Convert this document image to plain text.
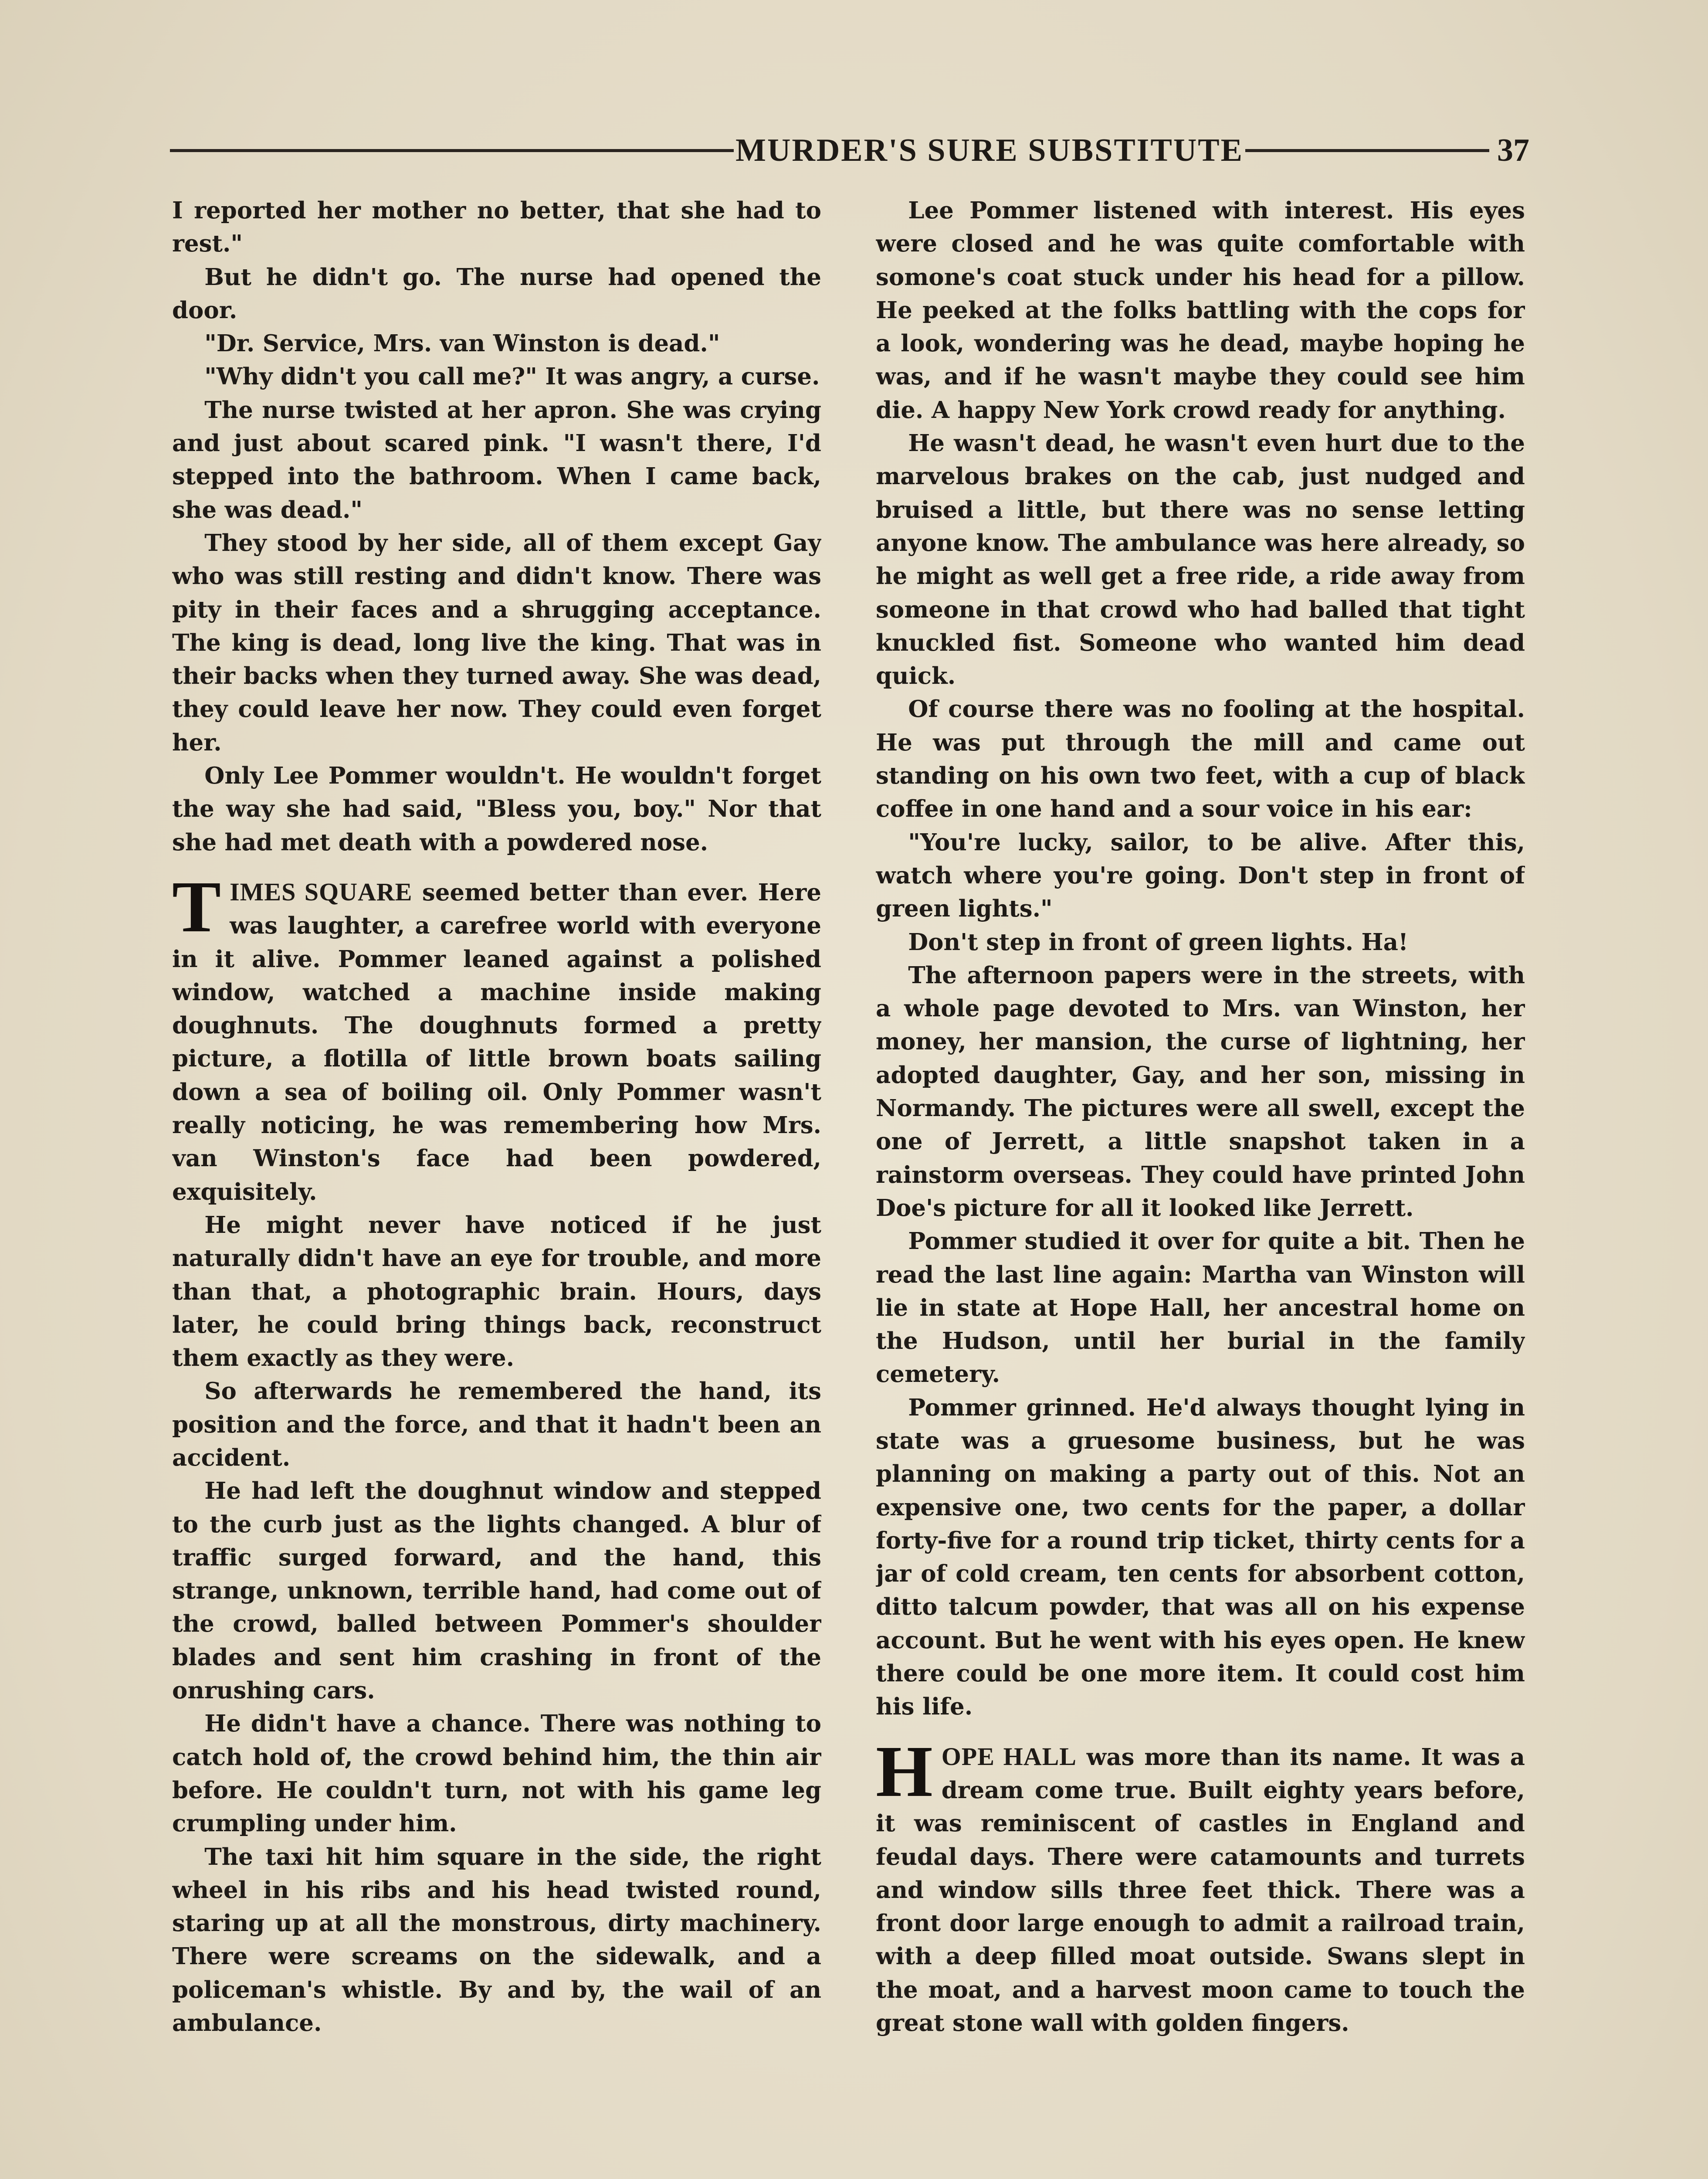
MURDER'S SURE SUBSTITUTE	37

I reported her mother no better, that she had to rest."

But he didn't go. The nurse had opened the door.

"Dr. Service, Mrs. van Winston is dead."

"Why didn't you call me?" It was angry, a curse.

The nurse twisted at her apron. She was crying and just about scared pink. "I wasn't there, I'd stepped into the bathroom. When I came back, she was dead."

They stood by her side, all of them except Gay who was still resting and didn't know. There was pity in their faces and a shrugging acceptance. The king is dead, long live the king. That was in their backs when they turned away. She was dead, they could leave her now. They could even forget her.

Only Lee Pommer wouldn't. He wouldn't forget the way she had said, "Bless you, boy." Nor that she had met death with a powdered nose.

TIMES SQUARE seemed better than ever. Here was laughter, a carefree world with everyone in it alive. Pommer leaned against a polished window, watched a machine inside making doughnuts. The doughnuts formed a pretty picture, a flotilla of little brown boats sailing down a sea of boiling oil. Only Pommer wasn't really noticing, he was remembering how Mrs. van Winston's face had been powdered, exquisitely.

He might never have noticed if he just naturally didn't have an eye for trouble, and more than that, a photographic brain. Hours, days later, he could bring things back, reconstruct them exactly as they were.

So afterwards he remembered the hand, its position and the force, and that it hadn't been an accident.

He had left the doughnut window and stepped to the curb just as the lights changed. A blur of traffic surged forward, and the hand, this strange, unknown, terrible hand, had come out of the crowd, balled between Pommer's shoulder blades and sent him crashing in front of the onrushing cars.

He didn't have a chance. There was nothing to catch hold of, the crowd behind him, the thin air before. He couldn't turn, not with his game leg crumpling under him.

The taxi hit him square in the side, the right wheel in his ribs and his head twisted round, staring up at all the monstrous, dirty machinery. There were screams on the sidewalk, and a policeman's whistle. By and by, the wail of an ambulance.

Lee Pommer listened with interest. His eyes were closed and he was quite comfortable with somone's coat stuck under his head for a pillow. He peeked at the folks battling with the cops for a look, wondering was he dead, maybe hoping he was, and if he wasn't maybe they could see him die. A happy New York crowd ready for anything.

He wasn't dead, he wasn't even hurt due to the marvelous brakes on the cab, just nudged and bruised a little, but there was no sense letting anyone know. The ambulance was here already, so he might as well get a free ride, a ride away from someone in that crowd who had balled that tight knuckled fist. Someone who wanted him dead quick.

Of course there was no fooling at the hospital. He was put through the mill and came out standing on his own two feet, with a cup of black coffee in one hand and a sour voice in his ear:

"You're lucky, sailor, to be alive. After this, watch where you're going. Don't step in front of green lights."

Don't step in front of green lights. Ha!

The afternoon papers were in the streets, with a whole page devoted to Mrs. van Winston, her money, her mansion, the curse of lightning, her adopted daughter, Gay, and her son, missing in Normandy. The pictures were all swell, except the one of Jerrett, a little snapshot taken in a rainstorm overseas. They could have printed John Doe's picture for all it looked like Jerrett.

Pommer studied it over for quite a bit. Then he read the last line again: Martha van Winston will lie in state at Hope Hall, her ancestral home on the Hudson, until her burial in the family cemetery.

Pommer grinned. He'd always thought lying in state was a gruesome business, but he was planning on making a party out of this. Not an expensive one, two cents for the paper, a dollar forty-five for a round trip ticket, thirty cents for a jar of cold cream, ten cents for absorbent cotton, ditto talcum powder, that was all on his expense account. But he went with his eyes open. He knew there could be one more item. It could cost him his life.

HOPE HALL was more than its name. It was a dream come true. Built eighty years before, it was reminiscent of castles in England and feudal days. There were catamounts and turrets and window sills three feet thick. There was a front door large enough to admit a railroad train, with a deep filled moat outside. Swans slept in the moat, and a harvest moon came to touch the great stone wall with golden fingers.
